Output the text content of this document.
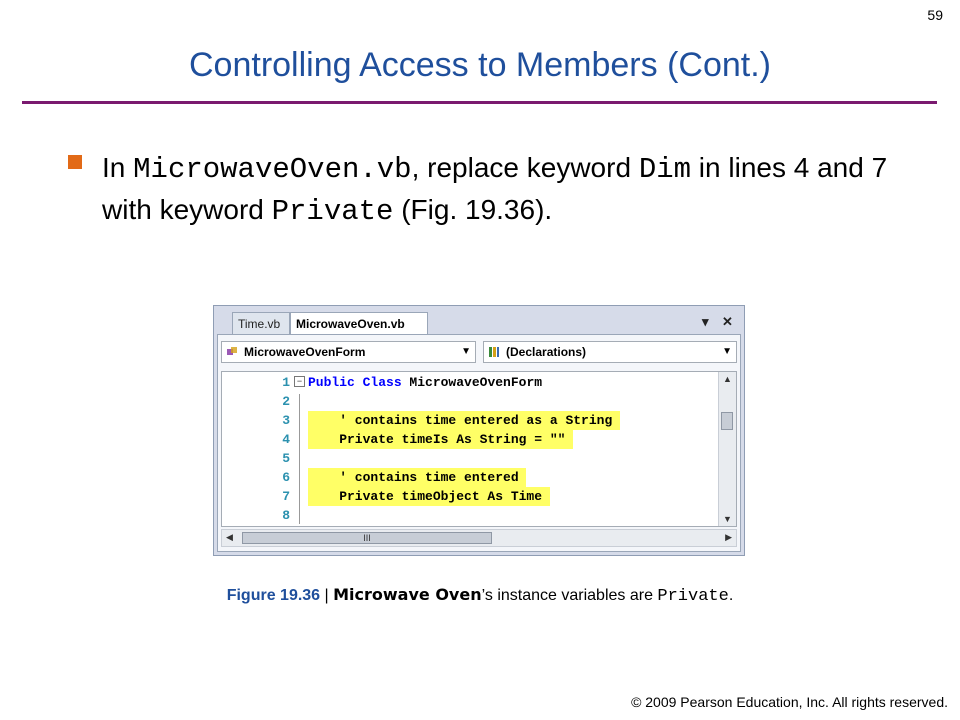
59
Controlling Access to Members (Cont.)
In MicrowaveOven.vb, replace keyword Dim in lines 4 and 7 with keyword Private (Fig. 19.36).
Time.vb	MicrowaveOven.vb	▾ ✕
MicrowaveOvenForm	▼	(Declarations)	▼
−
1 Public Class MicrowaveOvenForm
2
3 ' contains time entered as a String
4 Private timeIs As String = ""
5
6 ' contains time entered
7 Private timeObject As Time
8
▲
▼
◀	III	▶
Figure 19.36 | Microwave Oven’s instance variables are Private.
© 2009 Pearson Education, Inc. All rights reserved.
